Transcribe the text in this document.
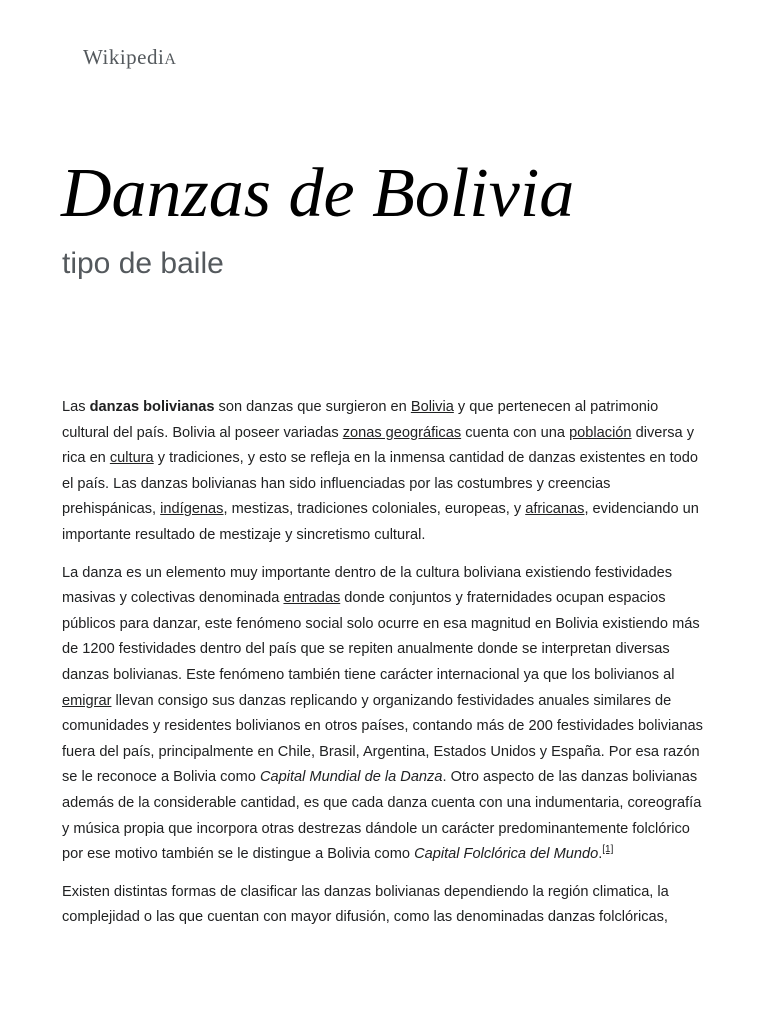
WikipediA
Danzas de Bolivia
tipo de baile

Las danzas bolivianas son danzas que surgieron en Bolivia y que pertenecen al patrimonio cultural del país. Bolivia al poseer variadas zonas geográficas cuenta con una población diversa y rica en cultura y tradiciones, y esto se refleja en la inmensa cantidad de danzas existentes en todo el país. Las danzas bolivianas han sido influenciadas por las costumbres y creencias prehispánicas, indígenas, mestizas, tradiciones coloniales, europeas, y africanas, evidenciando un importante resultado de mestizaje y sincretismo cultural.

La danza es un elemento muy importante dentro de la cultura boliviana existiendo festividades masivas y colectivas denominada entradas donde conjuntos y fraternidades ocupan espacios públicos para danzar, este fenómeno social solo ocurre en esa magnitud en Bolivia existiendo más de 1200 festividades dentro del país que se repiten anualmente donde se interpretan diversas danzas bolivianas. Este fenómeno también tiene carácter internacional ya que los bolivianos al emigrar llevan consigo sus danzas replicando y organizando festividades anuales similares de comunidades y residentes bolivianos en otros países, contando más de 200 festividades bolivianas fuera del país, principalmente en Chile, Brasil, Argentina, Estados Unidos y España. Por esa razón se le reconoce a Bolivia como Capital Mundial de la Danza. Otro aspecto de las danzas bolivianas además de la considerable cantidad, es que cada danza cuenta con una indumentaria, coreografía y música propia que incorpora otras destrezas dándole un carácter predominantemente folclórico por ese motivo también se le distingue a Bolivia como Capital Folclórica del Mundo.[1]

Existen distintas formas de clasificar las danzas bolivianas dependiendo la región climatica, la complejidad o las que cuentan con mayor difusión, como las denominadas danzas folclóricas,
